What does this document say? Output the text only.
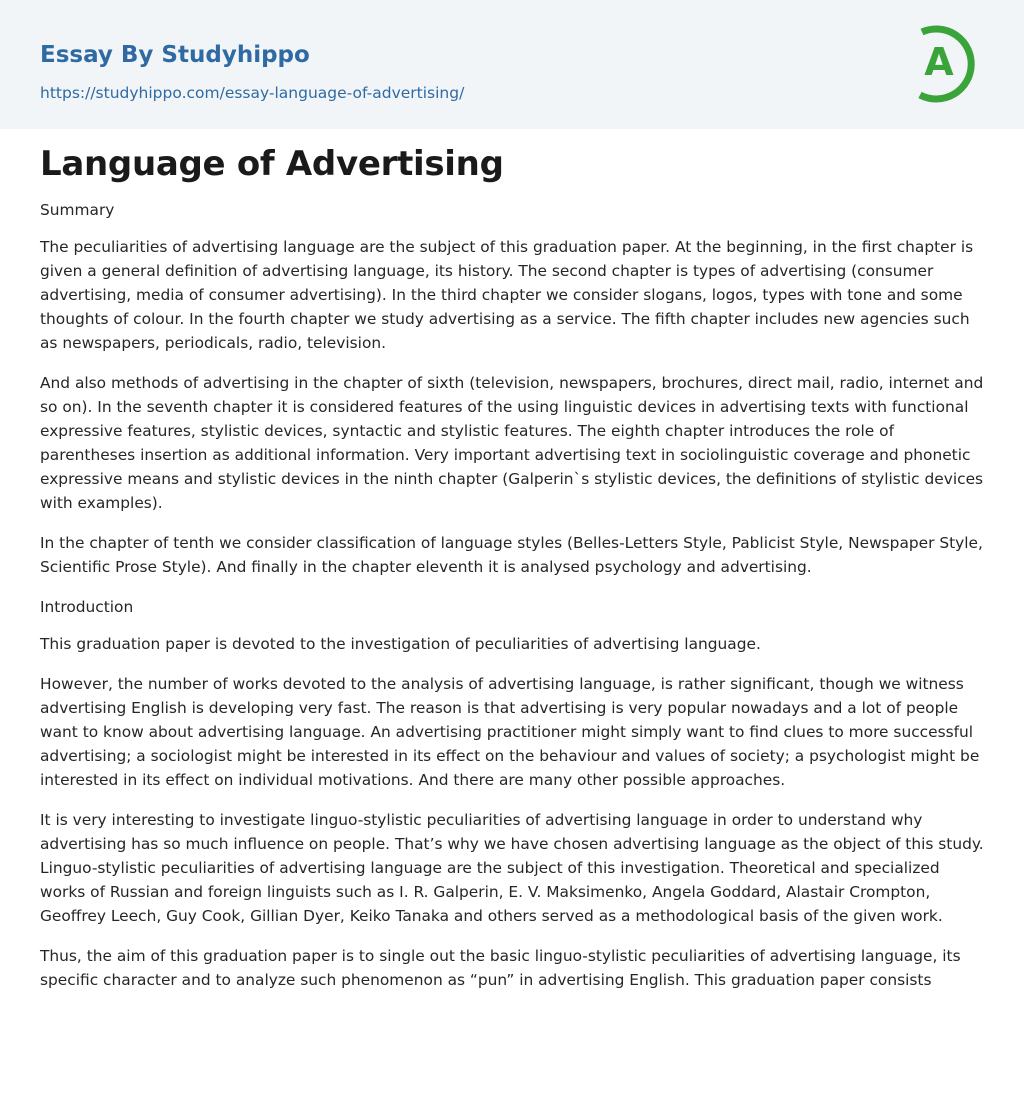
Essay By Studyhippo
https://studyhippo.com/essay-language-of-advertising/
A
Language of Advertising
Summary

The peculiarities of advertising language are the subject of this graduation paper. At the beginning, in the first chapter is given a general definition of advertising language, its history. The second chapter is types of advertising (consumer advertising, media of consumer advertising). In the third chapter we consider slogans, logos, types with tone and some thoughts of colour. In the fourth chapter we study advertising as a service. The fifth chapter includes new agencies such as newspapers, periodicals, radio, television.

And also methods of advertising in the chapter of sixth (television, newspapers, brochures, direct mail, radio, internet and so on). In the seventh chapter it is considered features of the using linguistic devices in advertising texts with functional expressive features, stylistic devices, syntactic and stylistic features. The eighth chapter introduces the role of parentheses insertion as additional information. Very important advertising text in sociolinguistic coverage and phonetic expressive means and stylistic devices in the ninth chapter (Galperin`s stylistic devices, the definitions of stylistic devices with examples).

In the chapter of tenth we consider classification of language styles (Belles-Letters Style, Pablicist Style, Newspaper Style, Scientific Prose Style). And finally in the chapter eleventh it is analysed psychology and advertising.

Introduction

This graduation paper is devoted to the investigation of peculiarities of advertising language.

However, the number of works devoted to the analysis of advertising language, is rather significant, though we witness advertising English is developing very fast. The reason is that advertising is very popular nowadays and a lot of people want to know about advertising language. An advertising practitioner might simply want to find clues to more successful advertising; a sociologist might be interested in its effect on the behaviour and values of society; a psychologist might be interested in its effect on individual motivations. And there are many other possible approaches.

It is very interesting to investigate linguo-stylistic peculiarities of advertising language in order to understand why advertising has so much influence on people. That’s why we have chosen advertising language as the object of this study. Linguo-stylistic peculiarities of advertising language are the subject of this investigation. Theoretical and specialized works of Russian and foreign linguists such as I. R. Galperin, E. V. Maksimenko, Angela Goddard, Alastair Crompton, Geoffrey Leech, Guy Cook, Gillian Dyer, Keiko Tanaka and others served as a methodological basis of the given work.

Thus, the aim of this graduation paper is to single out the basic linguo-stylistic peculiarities of advertising language, its specific character and to analyze such phenomenon as “pun” in advertising English. This graduation paper consists
